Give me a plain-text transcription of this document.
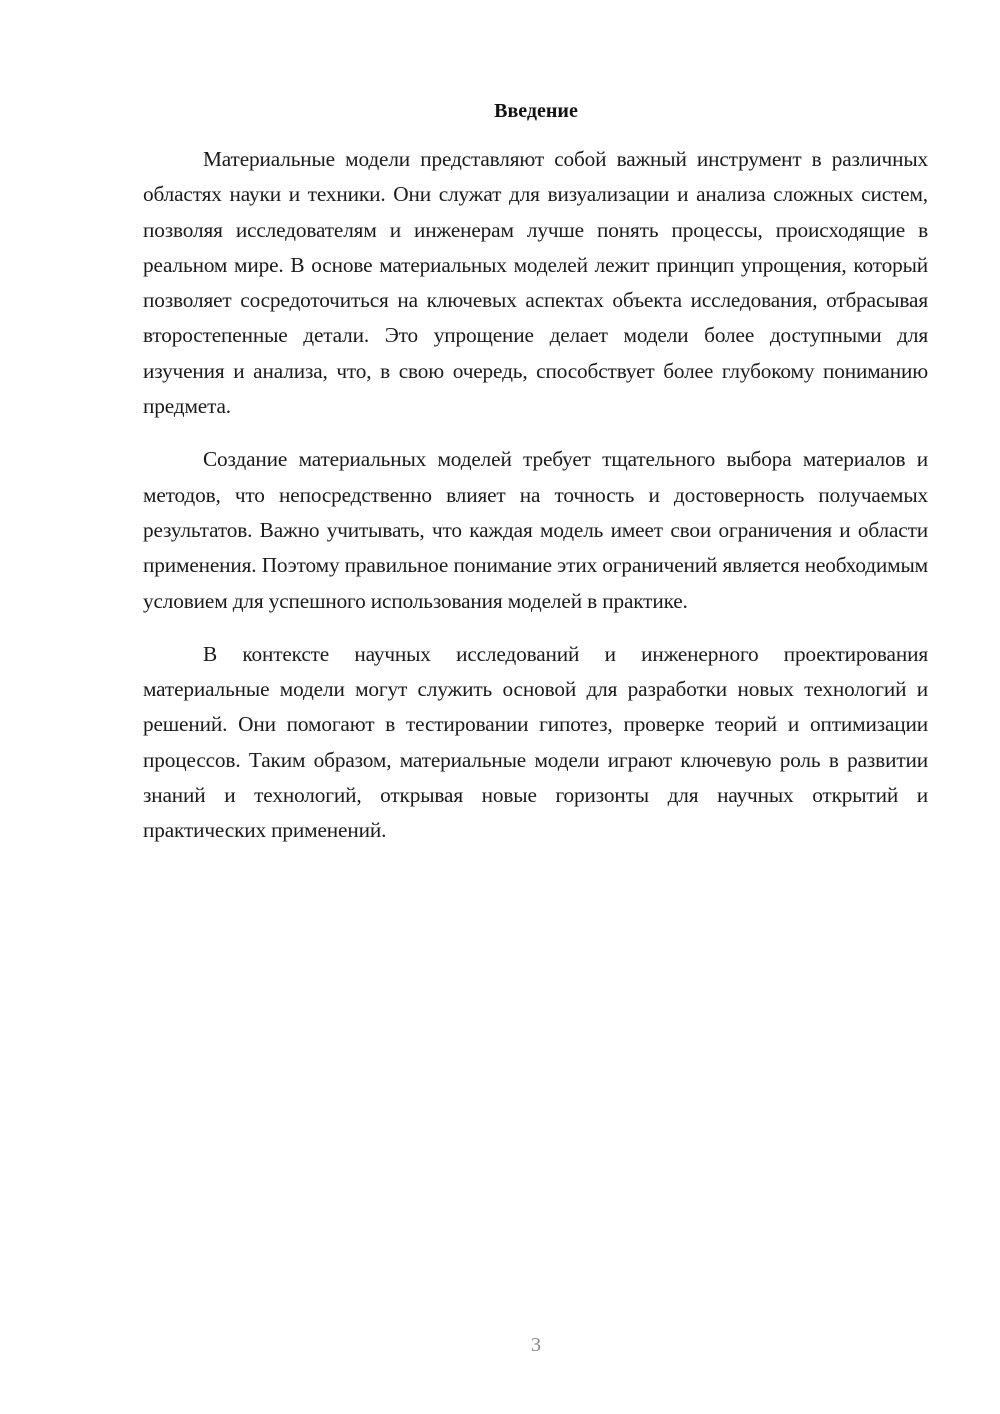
Введение

Материальные модели представляют собой важный инструмент в различных областях науки и техники. Они служат для визуализации и анализа сложных систем, позволяя исследователям и инженерам лучше понять процессы, происходящие в реальном мире. В основе материальных моделей лежит принцип упрощения, который позволяет сосредоточиться на ключевых аспектах объекта исследования, отбрасывая второстепенные детали. Это упрощение делает модели более доступными для изучения и анализа, что, в свою очередь, способствует более глубокому пониманию предмета.

Создание материальных моделей требует тщательного выбора материалов и методов, что непосредственно влияет на точность и достоверность получаемых результатов. Важно учитывать, что каждая модель имеет свои ограничения и области применения. Поэтому правильное понимание этих ограничений является необходимым условием для успешного использования моделей в практике.

В контексте научных исследований и инженерного проектирования материальные модели могут служить основой для разработки новых технологий и решений. Они помогают в тестировании гипотез, проверке теорий и оптимизации процессов. Таким образом, материальные модели играют ключевую роль в развитии знаний и технологий, открывая новые горизонты для научных открытий и практических применений.

3
